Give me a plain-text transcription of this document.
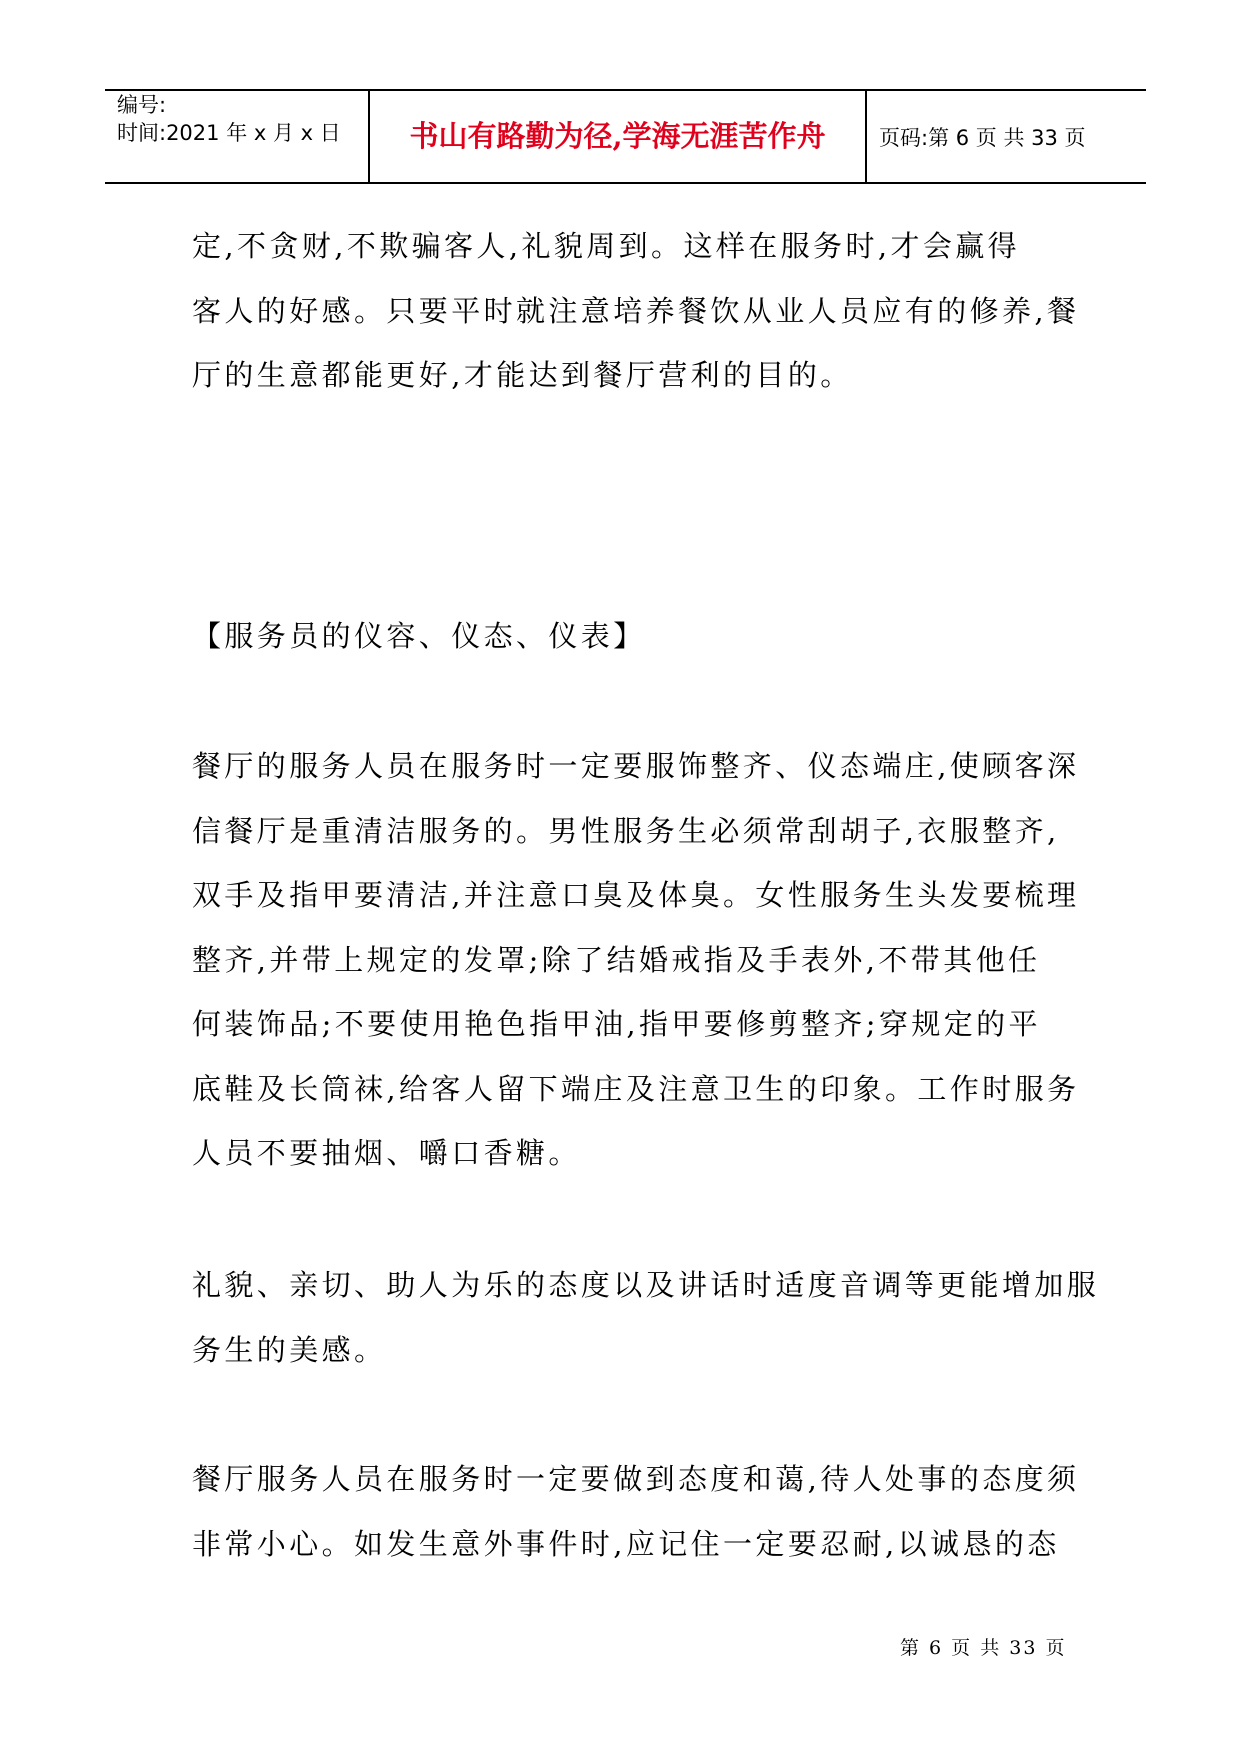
编号:
时间:2021 年 x 月 x 日	书山有路勤为径,学海无涯苦作舟	页码:第 6 页 共 33 页

定,不贪财,不欺骗客人,礼貌周到。这样在服务时,才会赢得
客人的好感。只要平时就注意培养餐饮从业人员应有的修养,餐
厅的生意都能更好,才能达到餐厅营利的目的。

【服务员的仪容、仪态、仪表】

餐厅的服务人员在服务时一定要服饰整齐、仪态端庄,使顾客深
信餐厅是重清洁服务的。男性服务生必须常刮胡子,衣服整齐,
双手及指甲要清洁,并注意口臭及体臭。女性服务生头发要梳理
整齐,并带上规定的发罩;除了结婚戒指及手表外,不带其他任
何装饰品;不要使用艳色指甲油,指甲要修剪整齐;穿规定的平
底鞋及长筒袜,给客人留下端庄及注意卫生的印象。工作时服务
人员不要抽烟、嚼口香糖。

礼貌、亲切、助人为乐的态度以及讲话时适度音调等更能增加服
务生的美感。

餐厅服务人员在服务时一定要做到态度和蔼,待人处事的态度须
非常小心。如发生意外事件时,应记住一定要忍耐,以诚恳的态

第 6 页 共 33 页
